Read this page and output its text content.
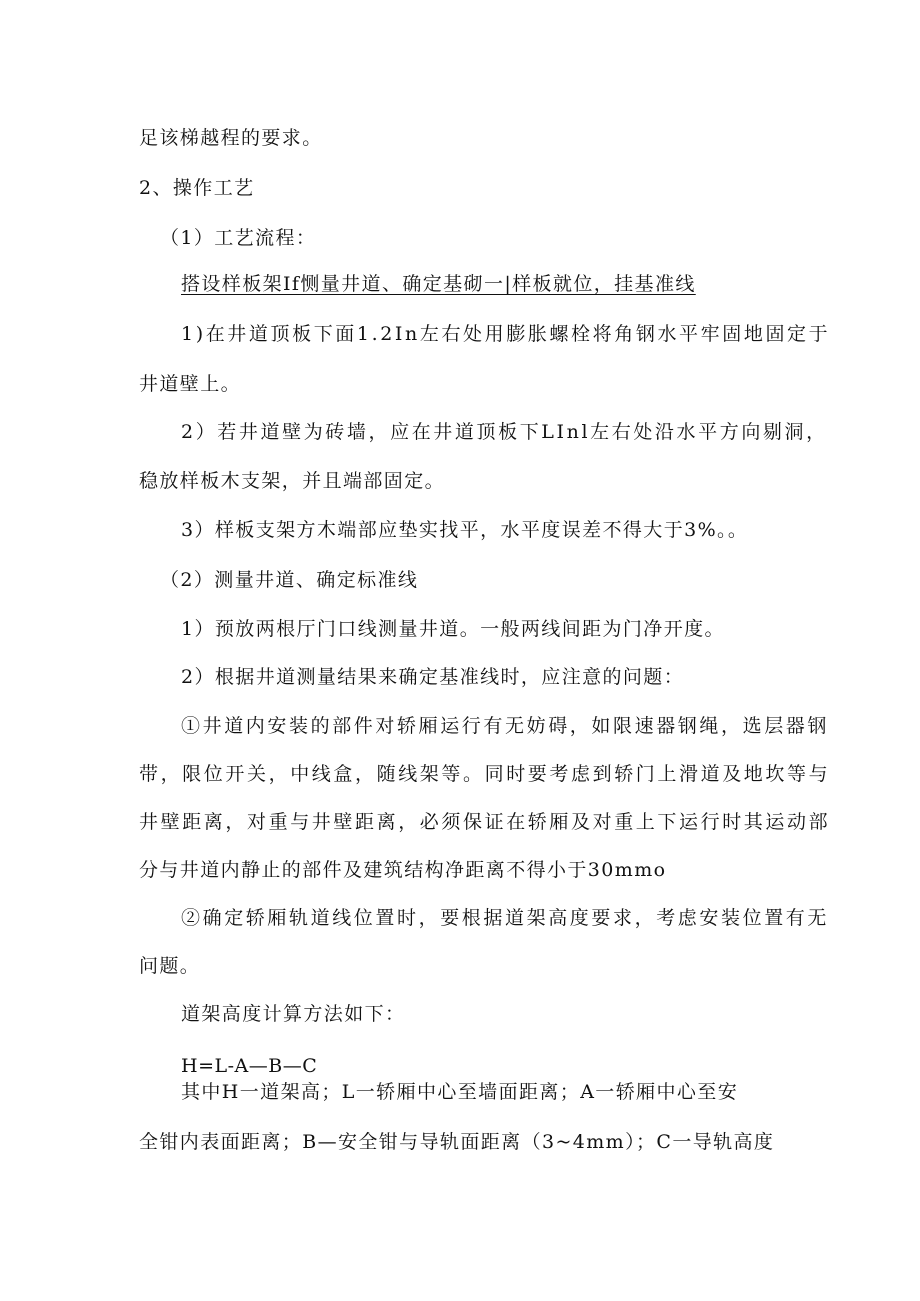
足该梯越程的要求。
2、操作工艺
（1）工艺流程：
搭设样板架If恻量井道、确定基砌一|样板就位，挂基准线
1)在井道顶板下面1.2In左右处用膨胀螺栓将角钢水平牢固地固定于
井道壁上。
2）若井道壁为砖墙，应在井道顶板下LInl左右处沿水平方向剔洞，
稳放样板木支架，并且端部固定。
3）样板支架方木端部应垫实找平，水平度误差不得大于3%。。
（2）测量井道、确定标准线
1）预放两根厅门口线测量井道。一般两线间距为门净开度。
2）根据井道测量结果来确定基准线时，应注意的问题：
①井道内安装的部件对轿厢运行有无妨碍，如限速器钢绳，选层器钢
带，限位开关，中线盒，随线架等。同时要考虑到轿门上滑道及地坎等与
井壁距离，对重与井壁距离，必须保证在轿厢及对重上下运行时其运动部
分与井道内静止的部件及建筑结构净距离不得小于30mmo
②确定轿厢轨道线位置时，要根据道架高度要求，考虑安装位置有无
问题。
道架高度计算方法如下：
H=L-A—B—C
其中H一道架高；L一轿厢中心至墙面距离；A一轿厢中心至安
全钳内表面距离；B—安全钳与导轨面距离（3~4mm）；C一导轨高度
